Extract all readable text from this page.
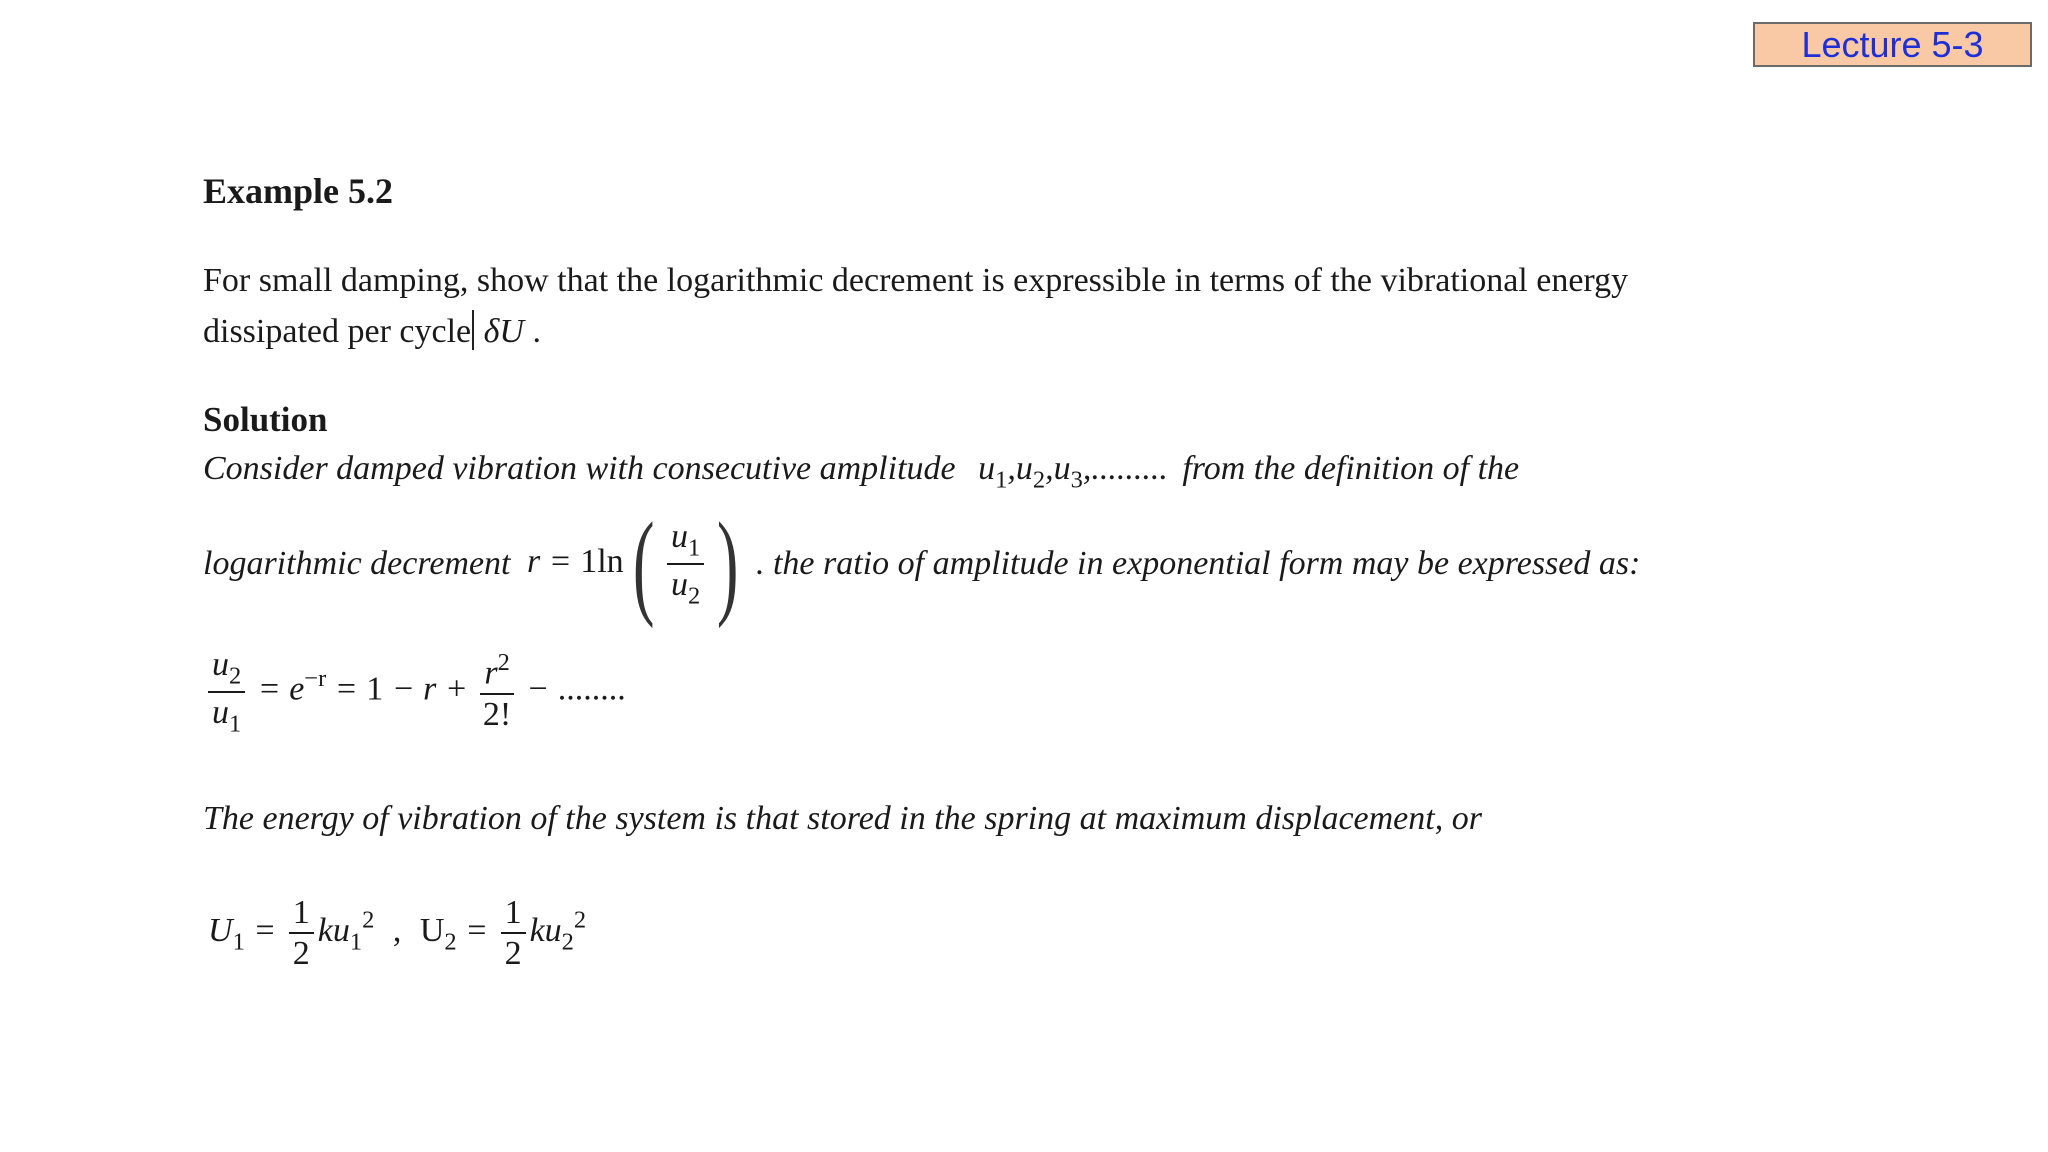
Lecture 5-3
Example 5.2
For small damping, show that the logarithmic decrement is expressible in terms of the vibrational energy
dissipated per cycle δU .
Solution
Consider damped vibration with consecutive amplitude $u_1,u_2,u_3$,......... from the definition of the
logarithmic decrement $r = 1\ln( \frac{u_1}{u_2}$ ) . the ratio of amplitude in exponential form may be expressed as:
$\frac{u_2}{u_1} = e^{-r} = 1 - r + \frac{r^2}{2!}$ − ........
The energy of vibration of the system is that stored in the spring at maximum displacement, or
$U_1 = \frac{1}{2} ku_1^2$ , $U_2 = \frac{1}{2} ku_2^2$
